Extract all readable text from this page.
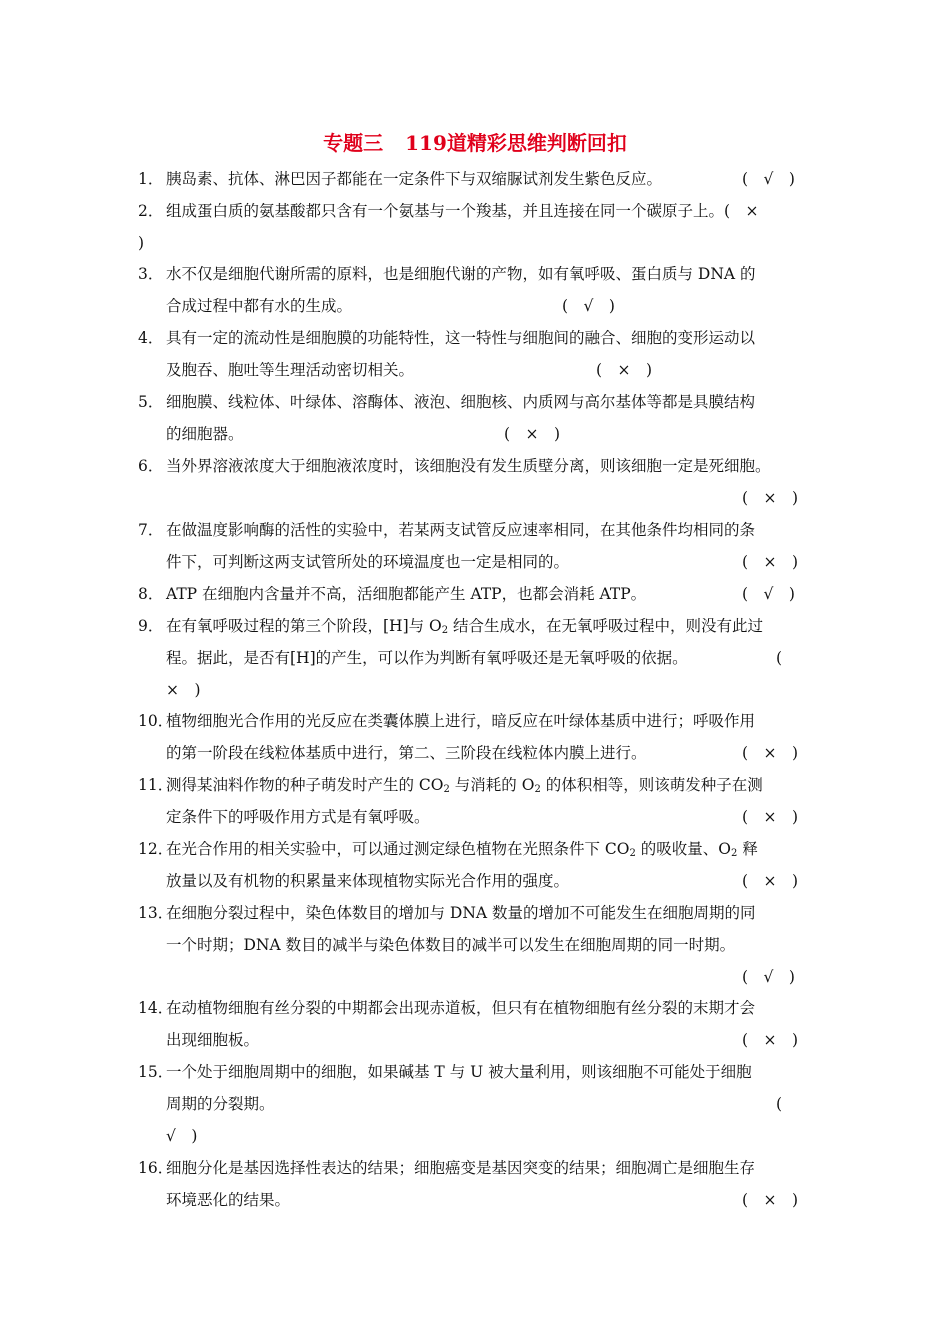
专题三 119道精彩思维判断回扣
1． 胰岛素、抗体、淋巴因子都能在一定条件下与双缩脲试剂发生紫色反应。	(　√　)
2． 组成蛋白质的氨基酸都只含有一个氨基与一个羧基，并且连接在同一个碳原子上。(　×
)
3． 水不仅是细胞代谢所需的原料，也是细胞代谢的产物，如有氧呼吸、蛋白质与 DNA 的
合成过程中都有水的生成。	(　√　)
4． 具有一定的流动性是细胞膜的功能特性，这一特性与细胞间的融合、细胞的变形运动以
及胞吞、胞吐等生理活动密切相关。	(　×　)
5． 细胞膜、线粒体、叶绿体、溶酶体、液泡、细胞核、内质网与高尔基体等都是具膜结构
的细胞器。	(　×　)
6． 当外界溶液浓度大于细胞液浓度时，该细胞没有发生质壁分离，则该细胞一定是死细胞。
(　×　)
7． 在做温度影响酶的活性的实验中，若某两支试管反应速率相同，在其他条件均相同的条
件下，可判断这两支试管所处的环境温度也一定是相同的。	(　×　)
8． ATP 在细胞内含量并不高，活细胞都能产生 ATP，也都会消耗 ATP。	(　√　)
9． 在有氧呼吸过程的第三个阶段，[H]与 $O_2$ 结合生成水，在无氧呼吸过程中，则没有此过
程。据此，是否有[H]的产生，可以作为判断有氧呼吸还是无氧呼吸的依据。	(
×　)
10．
植物细胞光合作用的光反应在类囊体膜上进行，暗反应在叶绿体基质中进行；呼吸作用
的第一阶段在线粒体基质中进行，第二、三阶段在线粒体内膜上进行。	(　×　)
11．
测得某油料作物的种子萌发时产生的 $CO_2$ 与消耗的 $O_2$ 的体积相等，则该萌发种子在测
定条件下的呼吸作用方式是有氧呼吸。	(　×　)
12．
在光合作用的相关实验中，可以通过测定绿色植物在光照条件下 $CO_2$ 的吸收量、$O_2$ 释
放量以及有机物的积累量来体现植物实际光合作用的强度。	(　×　)
13．
在细胞分裂过程中，染色体数目的增加与 DNA 数量的增加不可能发生在细胞周期的同
一个时期；DNA 数目的减半与染色体数目的减半可以发生在细胞周期的同一时期。
(　√　)
14．
在动植物细胞有丝分裂的中期都会出现赤道板，但只有在植物细胞有丝分裂的末期才会
出现细胞板。	(　×　)
15．
一个处于细胞周期中的细胞，如果碱基 T 与 U 被大量利用，则该细胞不可能处于细胞
周期的分裂期。	(
√　)
16．
细胞分化是基因选择性表达的结果；细胞癌变是基因突变的结果；细胞凋亡是细胞生存
环境恶化的结果。	(　×　)
